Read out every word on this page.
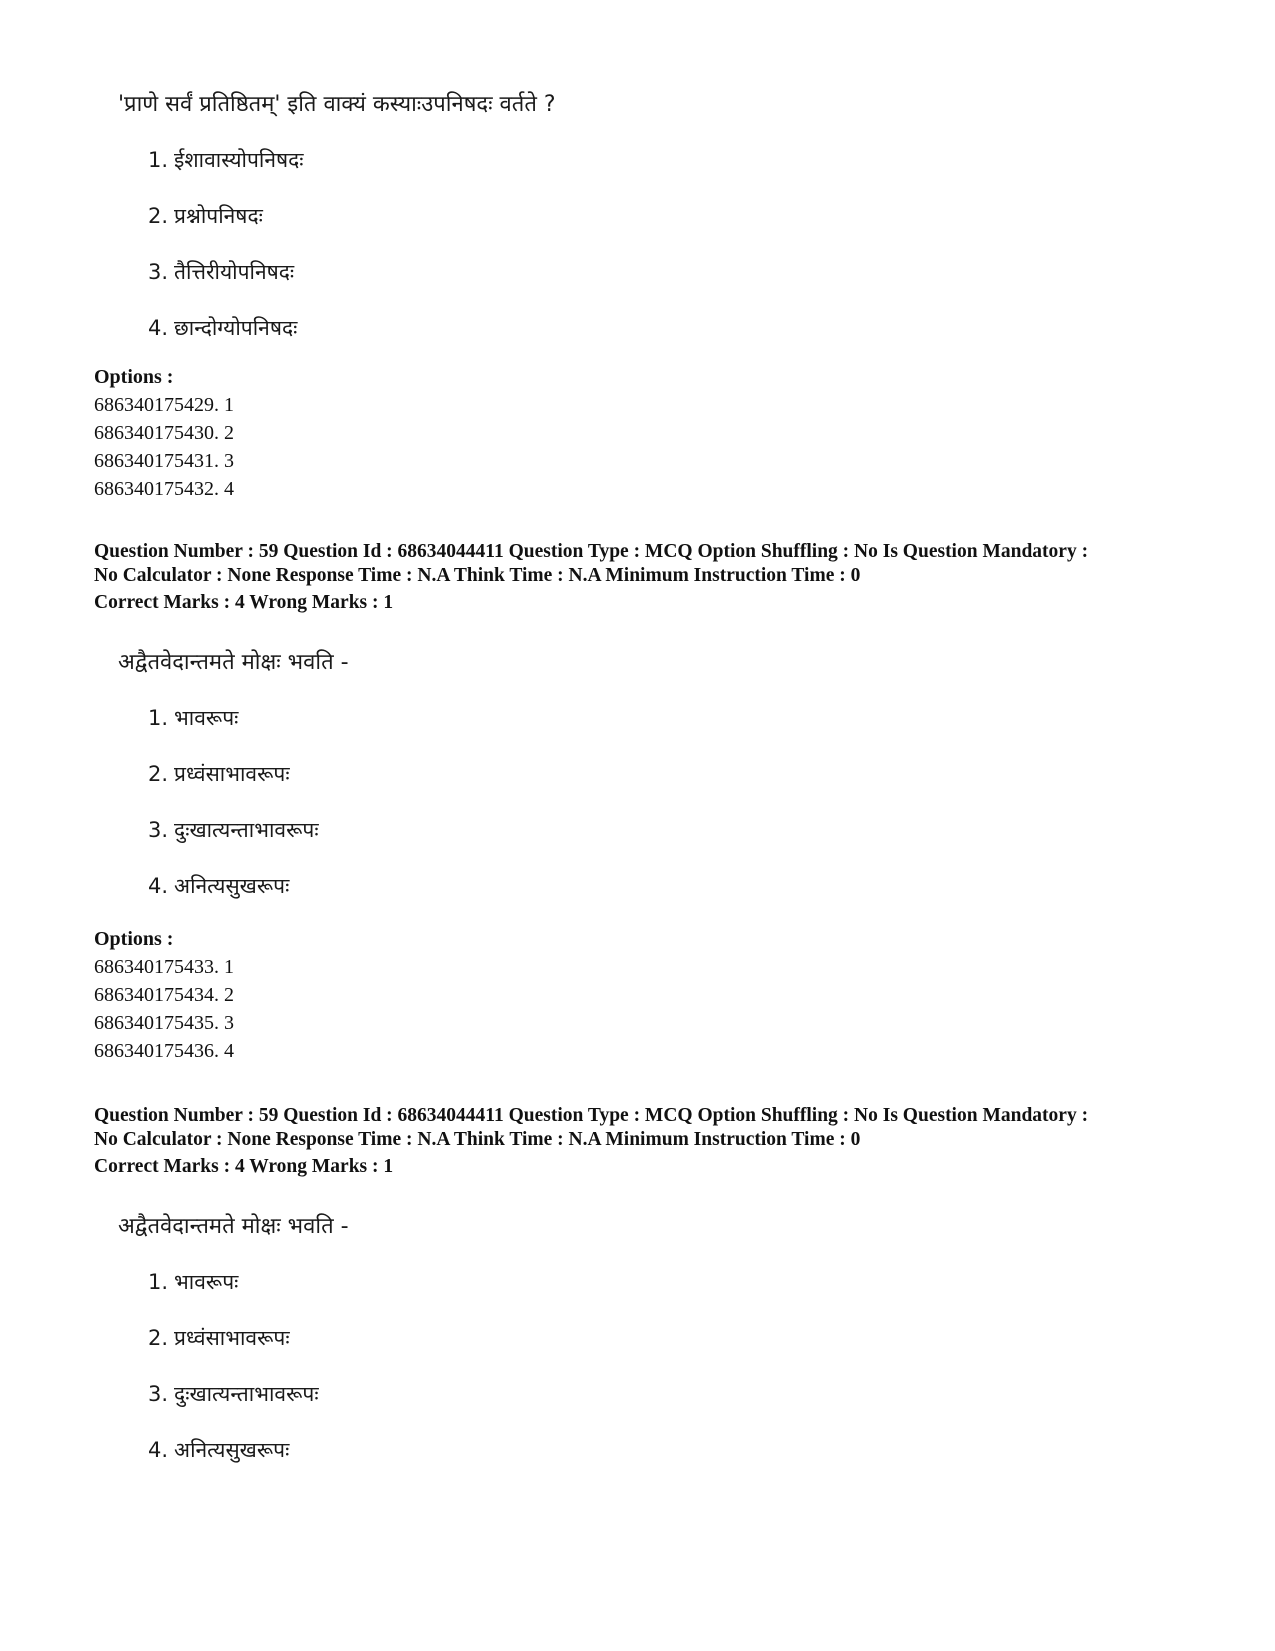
'प्राणे सर्वं प्रतिष्ठितम्' इति वाक्यं कस्याःउपनिषदः वर्तते ?
1. ईशावास्योपनिषदः
2. प्रश्नोपनिषदः
3. तैत्तिरीयोपनिषदः
4. छान्दोग्योपनिषदः
Options :
686340175429. 1
686340175430. 2
686340175431. 3
686340175432. 4
Question Number : 59 Question Id : 68634044411 Question Type : MCQ Option Shuffling : No Is Question Mandatory :
No Calculator : None Response Time : N.A Think Time : N.A Minimum Instruction Time : 0
Correct Marks : 4 Wrong Marks : 1
अद्वैतवेदान्तमते मोक्षः भवति -
1. भावरूपः
2. प्रध्वंसाभावरूपः
3. दुःखात्यन्ताभावरूपः
4. अनित्यसुखरूपः
Options :
686340175433. 1
686340175434. 2
686340175435. 3
686340175436. 4
Question Number : 59 Question Id : 68634044411 Question Type : MCQ Option Shuffling : No Is Question Mandatory :
No Calculator : None Response Time : N.A Think Time : N.A Minimum Instruction Time : 0
Correct Marks : 4 Wrong Marks : 1
अद्वैतवेदान्तमते मोक्षः भवति -
1. भावरूपः
2. प्रध्वंसाभावरूपः
3. दुःखात्यन्ताभावरूपः
4. अनित्यसुखरूपः
